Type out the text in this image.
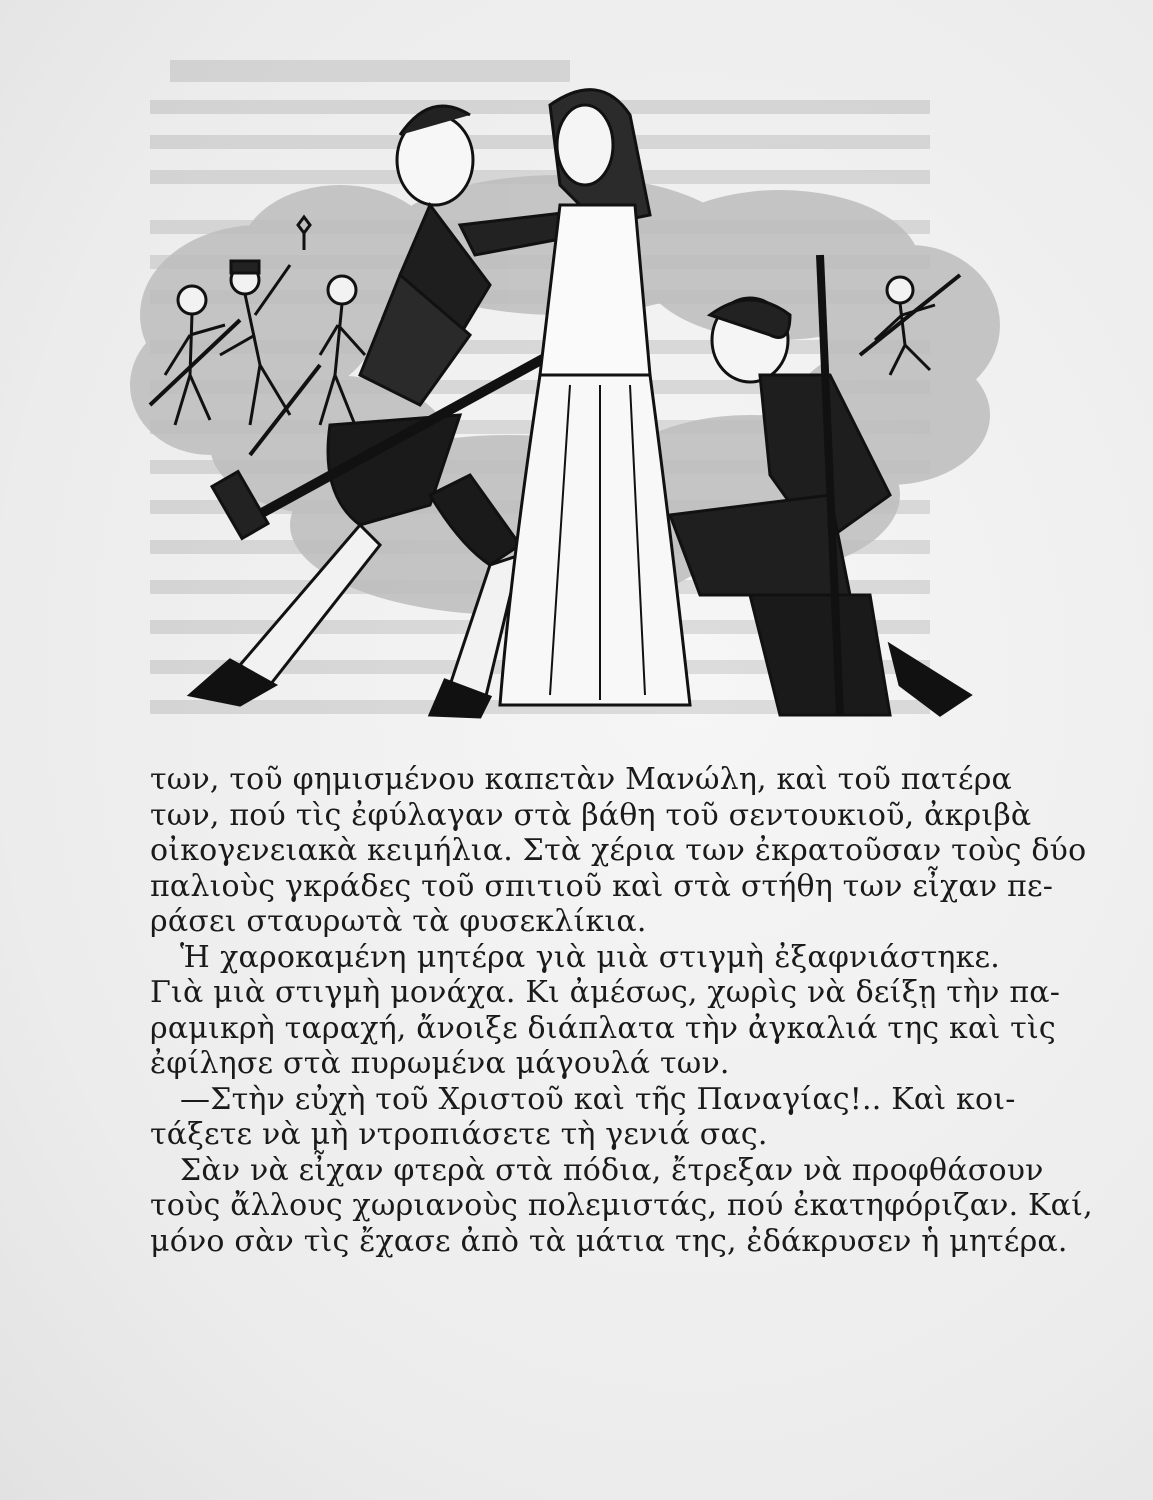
των, τοῦ φημισμένου καπετὰν Μανώλη, καὶ τοῦ πατέρα
των, πού τὶς ἐφύλαγαν στὰ βάθη τοῦ σεντουκιοῦ, ἀκριβὰ
οἰκογενειακὰ κειμήλια. Στὰ χέρια των ἐκρατοῦσαν τοὺς δύο
παλιοὺς γκράδες τοῦ σπιτιοῦ καὶ στὰ στήθη των εἶχαν πε-
ράσει σταυρωτὰ τὰ φυσεκλίκια.
Ἡ χαροκαμένη μητέρα γιὰ μιὰ στιγμὴ ἐξαφνιάστηκε.
Γιὰ μιὰ στιγμὴ μονάχα. Κι ἀμέσως, χωρὶς νὰ δείξῃ τὴν πα-
ραμικρὴ ταραχή, ἄνοιξε διάπλατα τὴν ἀγκαλιά της καὶ τὶς
ἐφίλησε στὰ πυρωμένα μάγουλά των.
—Στὴν εὐχὴ τοῦ Χριστοῦ καὶ τῆς Παναγίας!.. Καὶ κοι-
τάξετε νὰ μὴ ντροπιάσετε τὴ γενιά σας.
Σὰν νὰ εἶχαν φτερὰ στὰ πόδια, ἔτρεξαν νὰ προφθάσουν
τοὺς ἄλλους χωριανοὺς πολεμιστάς, πού ἐκατηφόριζαν. Καί,
μόνο σὰν τὶς ἔχασε ἀπὸ τὰ μάτια της, ἐδάκρυσεν ἡ μητέρα.
